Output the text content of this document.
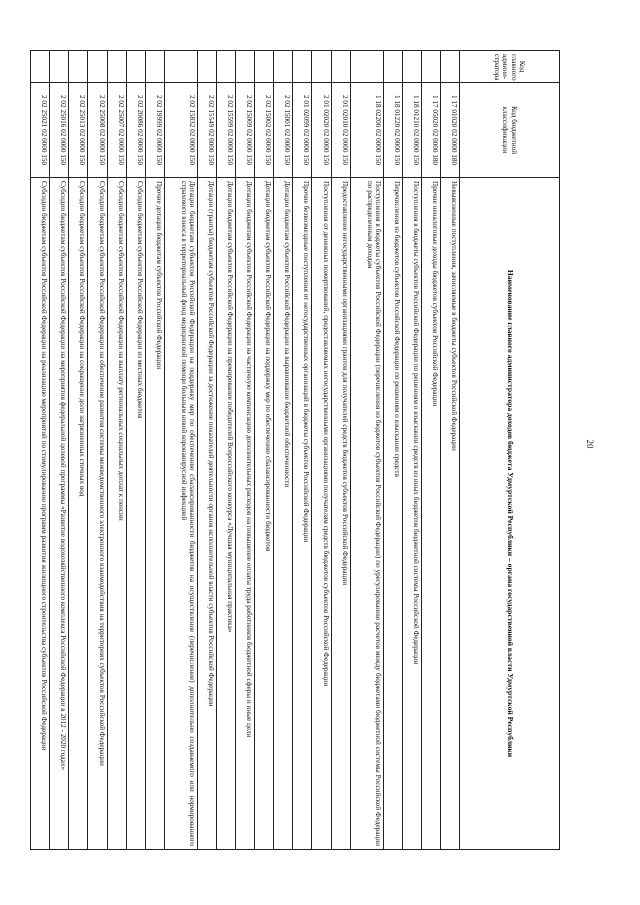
20
Код главного админи-стратора	Код бюджетной классификации	Наименование главного администратора доходов бюджета Удмуртской Республики – органа государственной власти Удмуртской Республики
	1 17 01020 02 0000 180	Невыясненные поступления, зачисляемые в бюджеты субъектов Российской Федерации
	1 17 05020 02 0000 180	Прочие неналоговые доходы бюджетов субъектов Российской Федерации
	1 18 01210 02 0000 150	Поступления в бюджеты субъектов Российской Федерации по решениям о взыскании средств из иных бюджетов бюджетной системы Российской Федерации
	1 18 01220 02 0000 150	Перечисления из бюджетов субъектов Российской Федерации по решениям о взыскании средств
	1 18 02200 02 0000 150	Поступления в бюджеты субъектов Российской Федерации (перечисления из бюджетов субъектов Российской Федерации) по урегулированию расчетов между бюджетами бюджетной системы Российской Федерации по распределенным доходам
	2 01 02010 02 0000 150	Предоставление негосударственными организациями грантов для получателей средств бюджетов субъектов Российской Федерации
	2 01 02020 02 0000 150	Поступления от денежных пожертвований, предоставляемых негосударственными организациями получателям средств бюджетов субъектов Российской Федерации
	2 01 02099 02 0000 150	Прочие безвозмездные поступления от негосударственных организаций в бюджеты субъектов Российской Федерации
	2 02 15001 02 0000 150	Дотации бюджетам субъектов Российской Федерации на выравнивание бюджетной обеспеченности
	2 02 15002 02 0000 150	Дотации бюджетам субъектов Российской Федерации на поддержку мер по обеспечению сбалансированности бюджетов
	2 02 15009 02 0000 150	Дотации бюджетам субъектов Российской Федерации на частичную компенсацию дополнительных расходов на повышение оплаты труда работников бюджетной сферы и иные цели
	2 02 15599 02 0000 150	Дотации бюджетам субъектов Российской Федерации на премирование победителей Всероссийского конкурса «Лучшая муниципальная практика»
	2 02 15549 02 0000 150	Дотации (гранты) бюджетам субъектов Российской Федерации за достижение показателей деятельности органов исполнительной власти субъектов Российской Федерации
	2 02 15832 02 0000 150	Дотации бюджетам субъектов Российской Федерации на поддержку мер по обеспечению сбалансированности бюджетов на осуществление (перечисление) дополнительно создаваемого или нормированного страхового взноса в территориальный фонд медицинской помощи больным новой коронавирусной инфекцией
	2 02 19999 02 0000 150	Прочие дотации бюджетам субъектов Российской Федерации
	2 02 20086 02 0000 150	Субсидии бюджетам субъектов Российской Федерации из местных бюджетов
	2 02 25007 02 0000 150	Субсидии бюджетам субъектов Российской Федерации на выплату региональных социальных доплат к пенсии
	2 02 25008 02 0000 150	Субсидии бюджетам субъектов Российской Федерации на обеспечение развития системы межведомственного электронного взаимодействия на территориях субъектов Российской Федерации
	2 02 25013 02 0000 150	Субсидии бюджетам субъектов Российской Федерации на сокращение доли загрязненных сточных вод
	2 02 25016 02 0000 150	Субсидии бюджетам субъектов Российской Федерации на мероприятия федеральной целевой программы «Развитие водохозяйственного комплекса Российской Федерации в 2012 - 2020 годах»
	2 02 25021 02 0000 150	Субсидии бюджетам субъектов Российской Федерации на реализацию мероприятий по стимулированию программ развития жилищного строительства субъектов Российской Федерации
